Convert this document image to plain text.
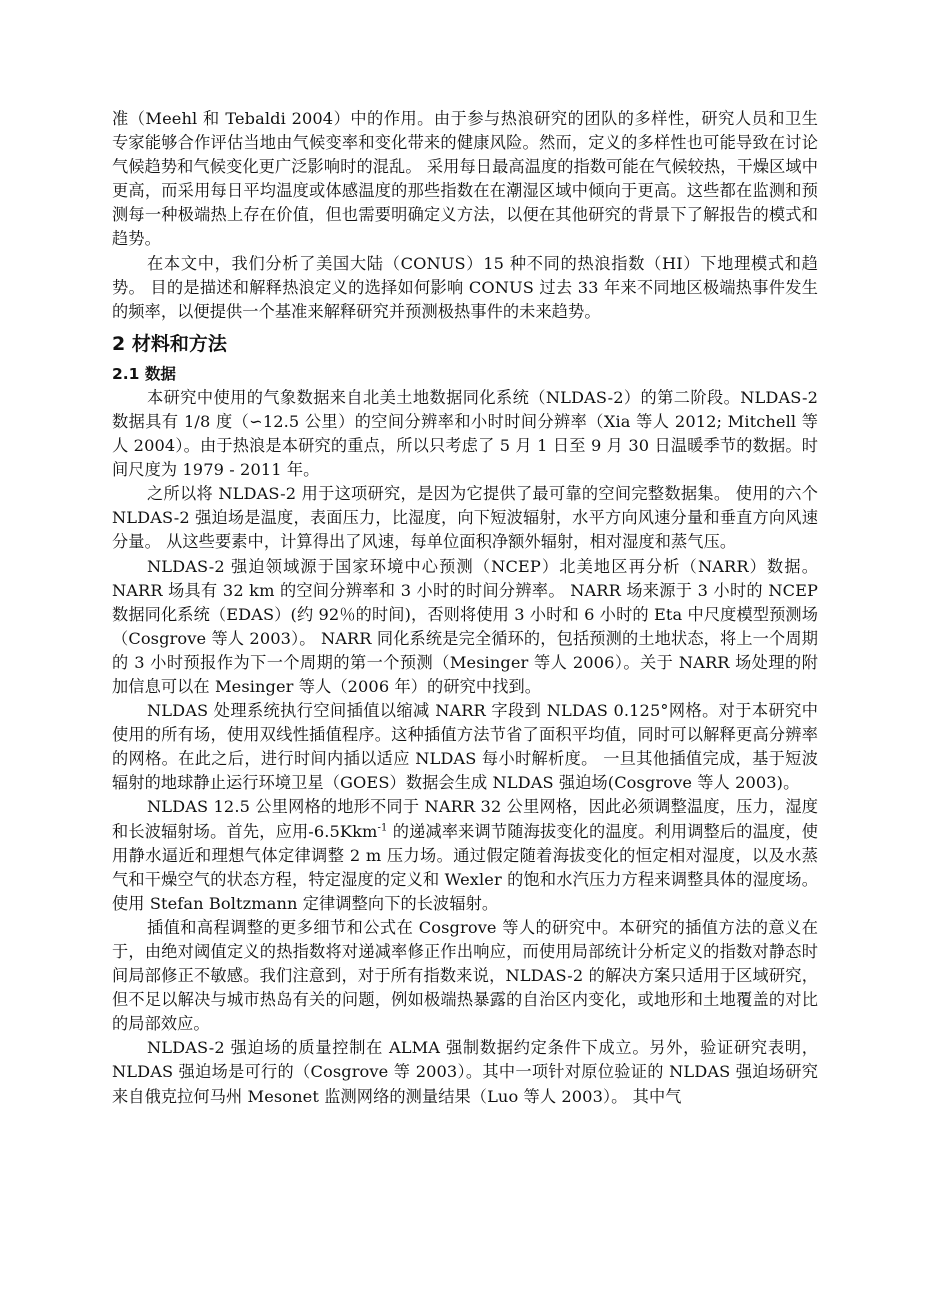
准（Meehl 和 Tebaldi 2004）中的作用。由于参与热浪研究的团队的多样性，研究人员和卫生专家能够合作评估当地由气候变率和变化带来的健康风险。然而，定义的多样性也可能导致在讨论气候趋势和气候变化更广泛影响时的混乱。 采用每日最高温度的指数可能在气候较热，干燥区域中更高，而采用每日平均温度或体感温度的那些指数在在潮湿区域中倾向于更高。这些都在监测和预测每一种极端热上存在价值，但也需要明确定义方法，以便在其他研究的背景下了解报告的模式和趋势。

在本文中，我们分析了美国大陆（CONUS）15 种不同的热浪指数（HI）下地理模式和趋势。 目的是描述和解释热浪定义的选择如何影响 CONUS 过去 33 年来不同地区极端热事件发生的频率，以便提供一个基准来解释研究并预测极热事件的未来趋势。

2 材料和方法
2.1 数据

本研究中使用的气象数据来自北美土地数据同化系统（NLDAS-2）的第二阶段。NLDAS-2 数据具有 1/8 度（∽12.5 公里）的空间分辨率和小时时间分辨率（Xia 等人 2012; Mitchell 等人 2004）。由于热浪是本研究的重点，所以只考虑了 5 月 1 日至 9 月 30 日温暖季节的数据。时间尺度为 1979 - 2011 年。

之所以将 NLDAS-2 用于这项研究，是因为它提供了最可靠的空间完整数据集。 使用的六个 NLDAS-2 强迫场是温度，表面压力，比湿度，向下短波辐射，水平方向风速分量和垂直方向风速分量。 从这些要素中，计算得出了风速，每单位面积净额外辐射，相对湿度和蒸气压。

NLDAS-2 强迫领域源于国家环境中心预测（NCEP）北美地区再分析（NARR）数据。 NARR 场具有 32 km 的空间分辨率和 3 小时的时间分辨率。 NARR 场来源于 3 小时的 NCEP 数据同化系统（EDAS）(约 92％的时间)，否则将使用 3 小时和 6 小时的 Eta 中尺度模型预测场（Cosgrove 等人 2003）。 NARR 同化系统是完全循环的，包括预测的土地状态，将上一个周期的 3 小时预报作为下一个周期的第一个预测（Mesinger 等人 2006）。关于 NARR 场处理的附加信息可以在 Mesinger 等人（2006 年）的研究中找到。

NLDAS 处理系统执行空间插值以缩减 NARR 字段到 NLDAS 0.125°网格。对于本研究中使用的所有场，使用双线性插值程序。这种插值方法节省了面积平均值，同时可以解释更高分辨率的网格。在此之后，进行时间内插以适应 NLDAS 每小时解析度。 一旦其他插值完成，基于短波辐射的地球静止运行环境卫星（GOES）数据会生成 NLDAS 强迫场(Cosgrove 等人 2003)。

NLDAS 12.5 公里网格的地形不同于 NARR 32 公里网格，因此必须调整温度，压力，湿度和长波辐射场。首先，应用-6.5Kkm$^{-1}$ 的递减率来调节随海拔变化的温度。利用调整后的温度，使用静水逼近和理想气体定律调整 2 m 压力场。通过假定随着海拔变化的恒定相对湿度，以及水蒸气和干燥空气的状态方程，特定湿度的定义和 Wexler 的饱和水汽压力方程来调整具体的湿度场。使用 Stefan Boltzmann 定律调整向下的长波辐射。

插值和高程调整的更多细节和公式在 Cosgrove 等人的研究中。本研究的插值方法的意义在于，由绝对阈值定义的热指数将对递减率修正作出响应，而使用局部统计分析定义的指数对静态时间局部修正不敏感。我们注意到，对于所有指数来说，NLDAS-2 的解决方案只适用于区域研究，但不足以解决与城市热岛有关的问题，例如极端热暴露的自治区内变化，或地形和土地覆盖的对比的局部效应。

NLDAS-2 强迫场的质量控制在 ALMA 强制数据约定条件下成立。另外，验证研究表明，NLDAS 强迫场是可行的（Cosgrove 等 2003）。其中一项针对原位验证的 NLDAS 强迫场研究来自俄克拉何马州 Mesonet 监测网络的测量结果（Luo 等人 2003）。 其中气
